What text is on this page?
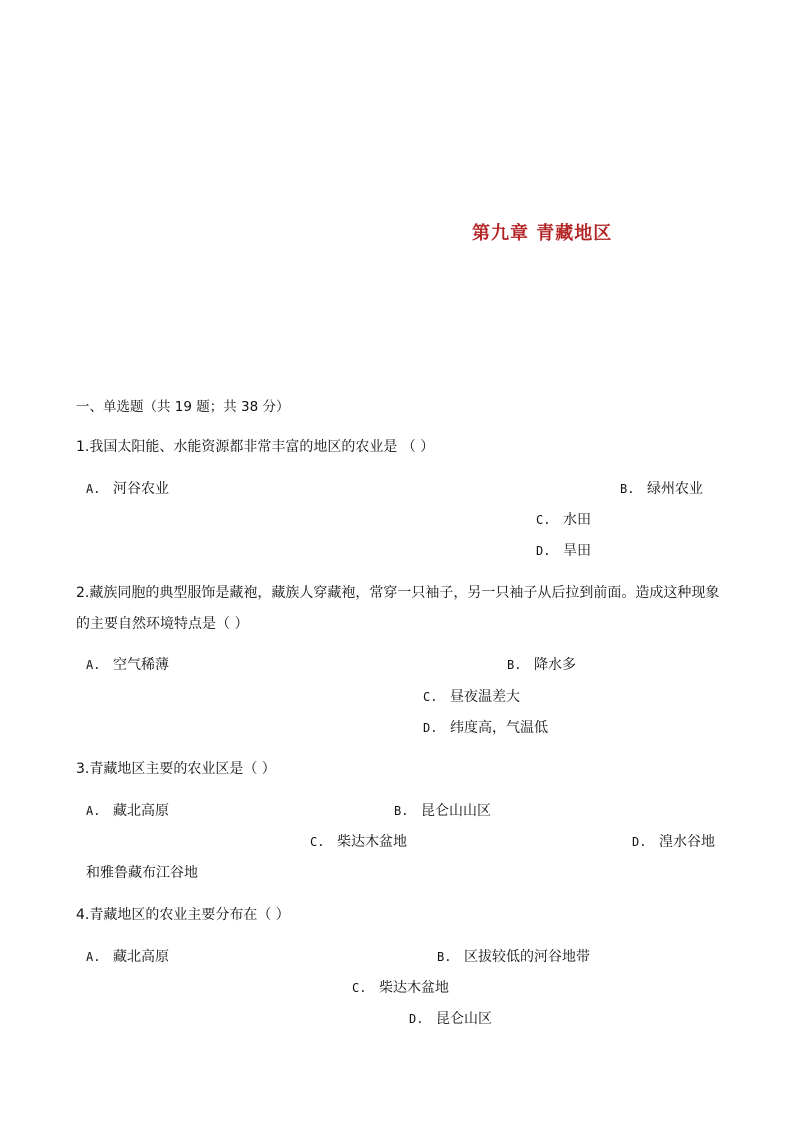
第九章 青藏地区
一、单选题（共 19 题；共 38 分）
1.我国太阳能、水能资源都非常丰富的地区的农业是 （ ）
A. 河谷农业	B. 绿州农业
C. 水田
D. 旱田
2.藏族同胞的典型服饰是藏袍，藏族人穿藏袍，常穿一只袖子，另一只袖子从后拉到前面。造成这种现象
的主要自然环境特点是（ ）
A. 空气稀薄	B. 降水多
C. 昼夜温差大
D. 纬度高，气温低
3.青藏地区主要的农业区是（ ）
A. 藏北高原	B. 昆仑山山区
C. 柴达木盆地	D. 湟水谷地
和雅鲁藏布江谷地
4.青藏地区的农业主要分布在（ ）
A. 藏北高原	B. 区拔较低的河谷地带
C. 柴达木盆地
D. 昆仑山区
